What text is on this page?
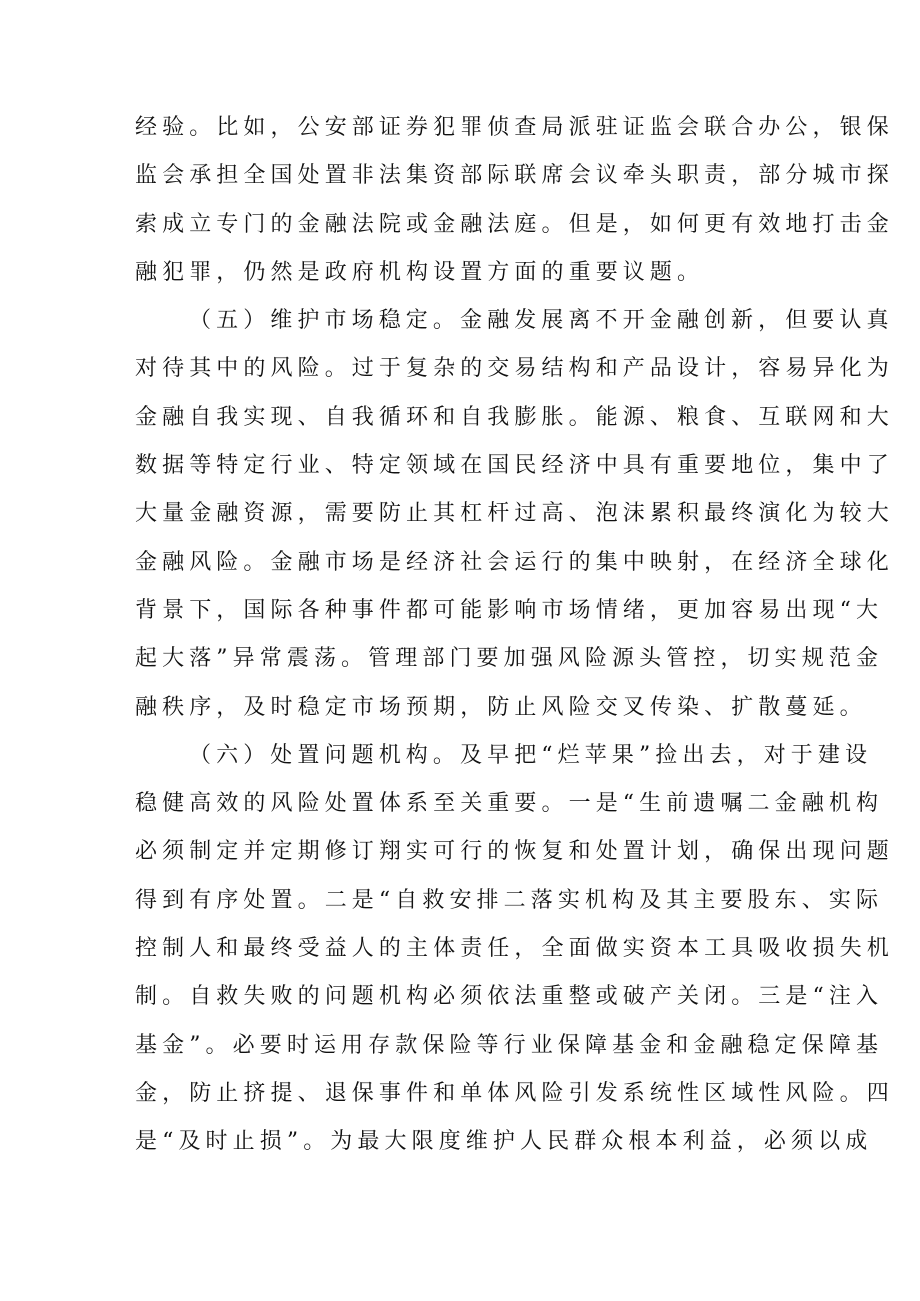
经验。比如，公安部证券犯罪侦查局派驻证监会联合办公，银保
监会承担全国处置非法集资部际联席会议牵头职责，部分城市探
索成立专门的金融法院或金融法庭。但是，如何更有效地打击金
融犯罪，仍然是政府机构设置方面的重要议题。
（五）维护市场稳定。金融发展离不开金融创新，但要认真
对待其中的风险。过于复杂的交易结构和产品设计，容易异化为
金融自我实现、自我循环和自我膨胀。能源、粮食、互联网和大
数据等特定行业、特定领域在国民经济中具有重要地位，集中了
大量金融资源，需要防止其杠杆过高、泡沫累积最终演化为较大
金融风险。金融市场是经济社会运行的集中映射，在经济全球化
背景下，国际各种事件都可能影响市场情绪，更加容易出现“大
起大落”异常震荡。管理部门要加强风险源头管控，切实规范金
融秩序，及时稳定市场预期，防止风险交叉传染、扩散蔓延。
（六）处置问题机构。及早把“烂苹果”捡出去，对于建设
稳健高效的风险处置体系至关重要。一是“生前遗嘱二金融机构
必须制定并定期修订翔实可行的恢复和处置计划，确保出现问题
得到有序处置。二是“自救安排二落实机构及其主要股东、实际
控制人和最终受益人的主体责任，全面做实资本工具吸收损失机
制。自救失败的问题机构必须依法重整或破产关闭。三是“注入
基金”。必要时运用存款保险等行业保障基金和金融稳定保障基
金，防止挤提、退保事件和单体风险引发系统性区域性风险。四
是“及时止损”。为最大限度维护人民群众根本利益，必须以成
